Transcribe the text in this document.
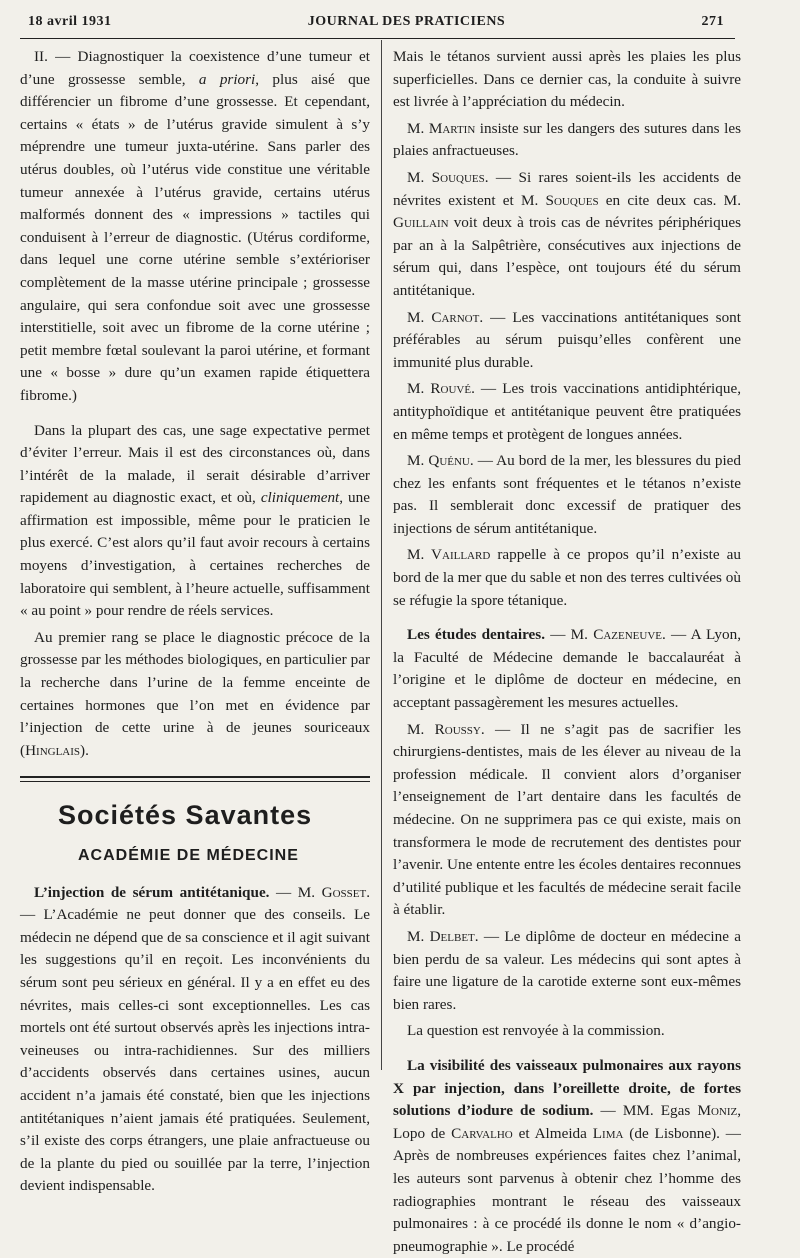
18 avril 1931	JOURNAL DES PRATICIENS	271

II. — Diagnostiquer la coexistence d’une tumeur et d’une grossesse semble, a priori, plus aisé que différencier un fibrome d’une grossesse. Et cependant, certains « états » de l’utérus gravide simulent à s’y méprendre une tumeur juxta-utérine. Sans parler des utérus doubles, où l’utérus vide constitue une véritable tumeur annexée à l’utérus gravide, certains utérus malformés donnent des « impressions » tactiles qui conduisent à l’erreur de diagnostic. (Utérus cordiforme, dans lequel une corne utérine semble s’extérioriser complètement de la masse utérine principale ; grossesse angulaire, qui sera confondue soit avec une grossesse interstitielle, soit avec un fibrome de la corne utérine ; petit membre fœtal soulevant la paroi utérine, et formant une « bosse » dure qu’un examen rapide étiquettera fibrome.)

Dans la plupart des cas, une sage expectative permet d’éviter l’erreur. Mais il est des circonstances où, dans l’intérêt de la malade, il serait désirable d’arriver rapidement au diagnostic exact, et où, cliniquement, une affirmation est impossible, même pour le praticien le plus exercé. C’est alors qu’il faut avoir recours à certains moyens d’investigation, à certaines recherches de laboratoire qui semblent, à l’heure actuelle, suffisamment « au point » pour rendre de réels services.

Au premier rang se place le diagnostic précoce de la grossesse par les méthodes biologiques, en particulier par la recherche dans l’urine de la femme enceinte de certaines hormones que l’on met en évidence par l’injection de cette urine à de jeunes souriceaux (Hinglais).

Sociétés Savantes
ACADÉMIE DE MÉDECINE

L’injection de sérum antitétanique. — M. Gosset. — L’Académie ne peut donner que des conseils. Le médecin ne dépend que de sa conscience et il agit suivant les suggestions qu’il en reçoit. Les inconvénients du sérum sont peu sérieux en général. Il y a en effet eu des névrites, mais celles-ci sont exceptionnelles. Les cas mortels ont été surtout observés après les injections intra-veineuses ou intra-rachidiennes. Sur des milliers d’accidents observés dans certaines usines, aucun accident n’a jamais été constaté, bien que les injections antitétaniques n’aient jamais été pratiquées. Seulement, s’il existe des corps étrangers, une plaie anfractueuse ou de la plante du pied ou souillée par la terre, l’injection devient indispensable.

Mais le tétanos survient aussi après les plaies les plus superficielles. Dans ce dernier cas, la conduite à suivre est livrée à l’appréciation du médecin.

M. Martin insiste sur les dangers des sutures dans les plaies anfractueuses.

M. Souques. — Si rares soient-ils les accidents de névrites existent et M. Souques en cite deux cas. M. Guillain voit deux à trois cas de névrites périphériques par an à la Salpêtrière, consécutives aux injections de sérum qui, dans l’espèce, ont toujours été du sérum antitétanique.

M. Carnot. — Les vaccinations antitétaniques sont préférables au sérum puisqu’elles confèrent une immunité plus durable.

M. Rouvé. — Les trois vaccinations antidiphtérique, antityphoïdique et antitétanique peuvent être pratiquées en même temps et protègent de longues années.

M. Quénu. — Au bord de la mer, les blessures du pied chez les enfants sont fréquentes et le tétanos n’existe pas. Il semblerait donc excessif de pratiquer des injections de sérum antitétanique.

M. Vaillard rappelle à ce propos qu’il n’existe au bord de la mer que du sable et non des terres cultivées où se réfugie la spore tétanique.

Les études dentaires. — M. Cazeneuve. — A Lyon, la Faculté de Médecine demande le baccalauréat à l’origine et le diplôme de docteur en médecine, en acceptant passagèrement les mesures actuelles.

M. Roussy. — Il ne s’agit pas de sacrifier les chirurgiens-dentistes, mais de les élever au niveau de la profession médicale. Il convient alors d’organiser l’enseignement de l’art dentaire dans les facultés de médecine. On ne supprimera pas ce qui existe, mais on transformera le mode de recrutement des dentistes pour l’avenir. Une entente entre les écoles dentaires reconnues d’utilité publique et les facultés de médecine serait facile à établir.

M. Delbet. — Le diplôme de docteur en médecine a bien perdu de sa valeur. Les médecins qui sont aptes à faire une ligature de la carotide externe sont eux-mêmes bien rares.

La question est renvoyée à la commission.

La visibilité des vaisseaux pulmonaires aux rayons X par injection, dans l’oreillette droite, de fortes solutions d’iodure de sodium. — MM. Egas Moniz, Lopo de Carvalho et Almeida Lima (de Lisbonne). — Après de nombreuses expériences faites chez l’animal, les auteurs sont parvenus à obtenir chez l’homme des radiographies montrant le réseau des vaisseaux pulmonaires : à ce procédé ils donne le nom « d’angio-pneumographie ». Le procédé
